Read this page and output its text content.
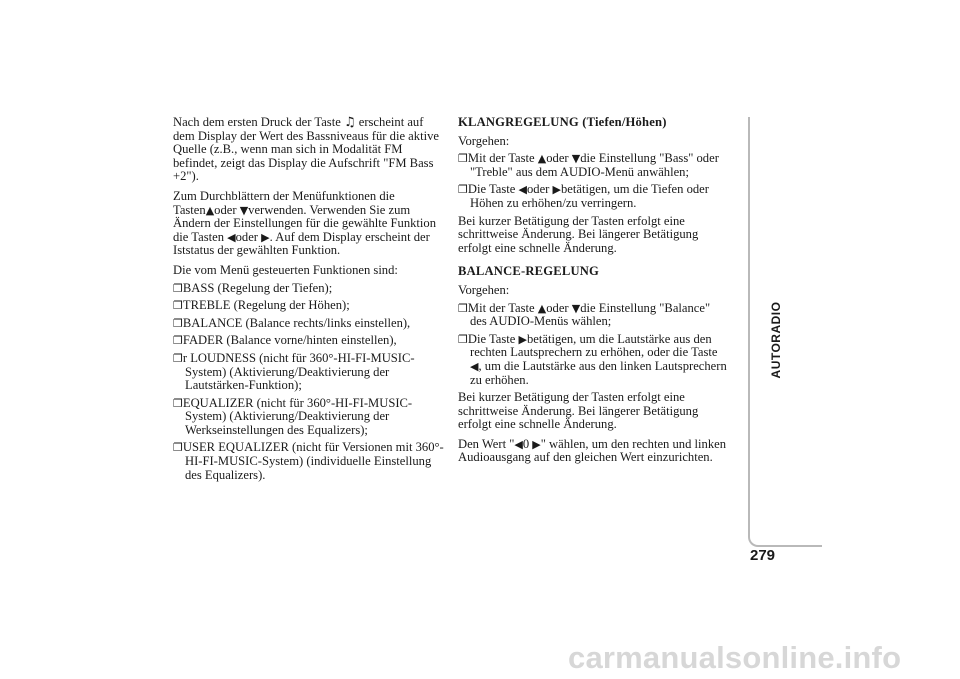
Nach dem ersten Druck der Taste ♫ erscheint auf dem Display der Wert des Bassniveaus für die aktive Quelle (z.B., wenn man sich in Modalität FM befindet, zeigt das Display die Aufschrift "FM Bass +2").

Zum Durchblättern der Menüfunktionen die Tasten▲oder ▼verwenden. Verwenden Sie zum Ändern der Einstellungen für die gewählte Funktion die Tasten ◀oder ▶. Auf dem Display erscheint der Iststatus der gewählten Funktion.

Die vom Menü gesteuerten Funktionen sind:

❐BASS (Regelung der Tiefen);
❐TREBLE (Regelung der Höhen);
❐BALANCE (Balance rechts/links einstellen),
❐FADER (Balance vorne/hinten einstellen),
❐r LOUDNESS (nicht für 360°-HI-FI-MUSIC-System) (Aktivierung/Deaktivierung der Lautstärken-Funktion);
❐EQUALIZER (nicht für 360°-HI-FI-MUSIC-System) (Aktivierung/Deaktivierung der Werkseinstellungen des Equalizers);
❐USER EQUALIZER (nicht für Versionen mit 360°-HI-FI-MUSIC-System) (individuelle Einstellung des Equalizers).
KLANGREGELUNG (Tiefen/Höhen)

Vorgehen:

❐Mit der Taste ▲oder ▼die Einstellung "Bass" oder "Treble" aus dem AUDIO-Menü anwählen;
❐Die Taste ◀oder ▶betätigen, um die Tiefen oder Höhen zu erhöhen/zu verringern.

Bei kurzer Betätigung der Tasten erfolgt eine schrittweise Änderung. Bei längerer Betätigung erfolgt eine schnelle Änderung.

BALANCE-REGELUNG

Vorgehen:

❐Mit der Taste ▲oder ▼die Einstellung "Balance" des AUDIO-Menüs wählen;
❐Die Taste ▶betätigen, um die Lautstärke aus den rechten Lautsprechern zu erhöhen, oder die Taste ◀, um die Lautstärke aus den linken Lautsprechern zu erhöhen.

Bei kurzer Betätigung der Tasten erfolgt eine schrittweise Änderung. Bei längerer Betätigung erfolgt eine schnelle Änderung.

Den Wert "◀0 ▶" wählen, um den rechten und linken Audioausgang auf den gleichen Wert einzurichten.

AUTORADIO
279
carmanualsonline.info
